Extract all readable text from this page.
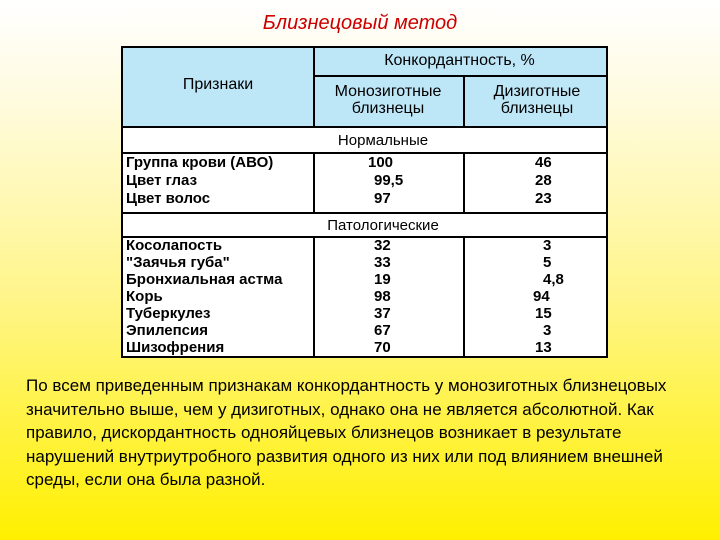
Близнецовый метод
Признаки
Конкордантность, %
Монозиготные близнецы
Дизиготные близнецы
Нормальные
Патологические
Группа крови (АВО)	100	46
Цвет глаз	99,5	28
Цвет волос	97	23
Косолапость	32	3
"Заячья губа"	33	5
Бронхиальная астма	19	4,8
Корь	98	94
Туберкулез	37	15
Эпилепсия	67	3
Шизофрения	70	13
По всем приведенным признакам конкордантность у монозиготных близнецовых значительно выше, чем у дизиготных, однако она не является абсолютной. Как правило, дискордантность однояйцевых близнецов возникает в результате нарушений внутриутробного развития одного из них или под влиянием внешней среды, если она была разной.
